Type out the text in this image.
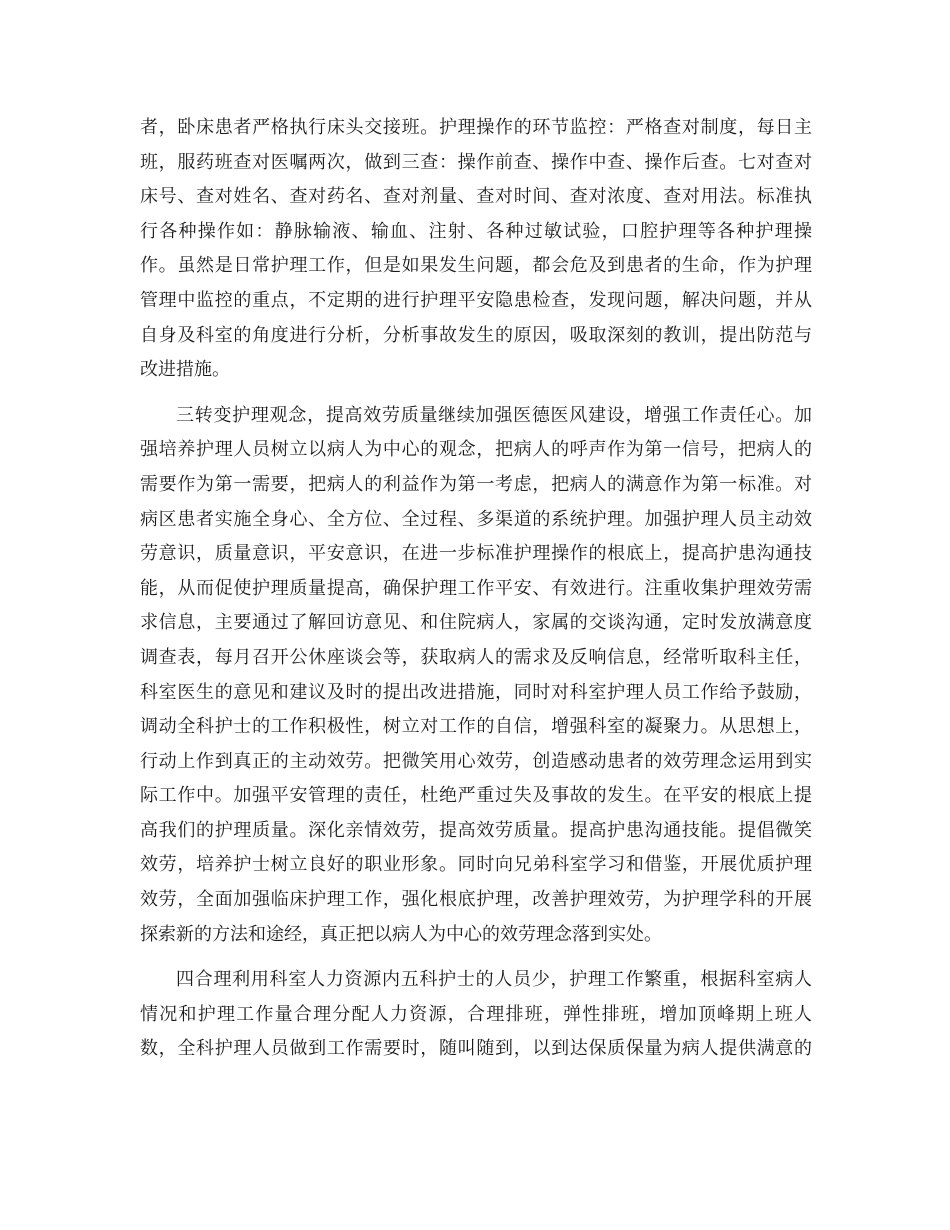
者，卧床患者严格执行床头交接班。护理操作的环节监控：严格查对制度，每日主
班，服药班查对医嘱两次，做到三查：操作前查、操作中查、操作后查。七对查对
床号、查对姓名、查对药名、查对剂量、查对时间、查对浓度、查对用法。标准执
行各种操作如：静脉输液、输血、注射、各种过敏试验，口腔护理等各种护理操
作。虽然是日常护理工作，但是如果发生问题，都会危及到患者的生命，作为护理
管理中监控的重点，不定期的进行护理平安隐患检查，发现问题，解决问题，并从
自身及科室的角度进行分析，分析事故发生的原因，吸取深刻的教训，提出防范与
改进措施。
三转变护理观念，提高效劳质量继续加强医德医风建设，增强工作责任心。加
强培养护理人员树立以病人为中心的观念，把病人的呼声作为第一信号，把病人的
需要作为第一需要，把病人的利益作为第一考虑，把病人的满意作为第一标准。对
病区患者实施全身心、全方位、全过程、多渠道的系统护理。加强护理人员主动效
劳意识，质量意识，平安意识，在进一步标准护理操作的根底上，提高护患沟通技
能，从而促使护理质量提高，确保护理工作平安、有效进行。注重收集护理效劳需
求信息，主要通过了解回访意见、和住院病人，家属的交谈沟通，定时发放满意度
调查表，每月召开公休座谈会等，获取病人的需求及反响信息，经常听取科主任，
科室医生的意见和建议及时的提出改进措施，同时对科室护理人员工作给予鼓励，
调动全科护士的工作积极性，树立对工作的自信，增强科室的凝聚力。从思想上，
行动上作到真正的主动效劳。把微笑用心效劳，创造感动患者的效劳理念运用到实
际工作中。加强平安管理的责任，杜绝严重过失及事故的发生。在平安的根底上提
高我们的护理质量。深化亲情效劳，提高效劳质量。提高护患沟通技能。提倡微笑
效劳，培养护士树立良好的职业形象。同时向兄弟科室学习和借鉴，开展优质护理
效劳，全面加强临床护理工作，强化根底护理，改善护理效劳，为护理学科的开展
探索新的方法和途经，真正把以病人为中心的效劳理念落到实处。
四合理利用科室人力资源内五科护士的人员少，护理工作繁重，根据科室病人
情况和护理工作量合理分配人力资源，合理排班，弹性排班，增加顶峰期上班人
数，全科护理人员做到工作需要时，随叫随到，以到达保质保量为病人提供满意的
